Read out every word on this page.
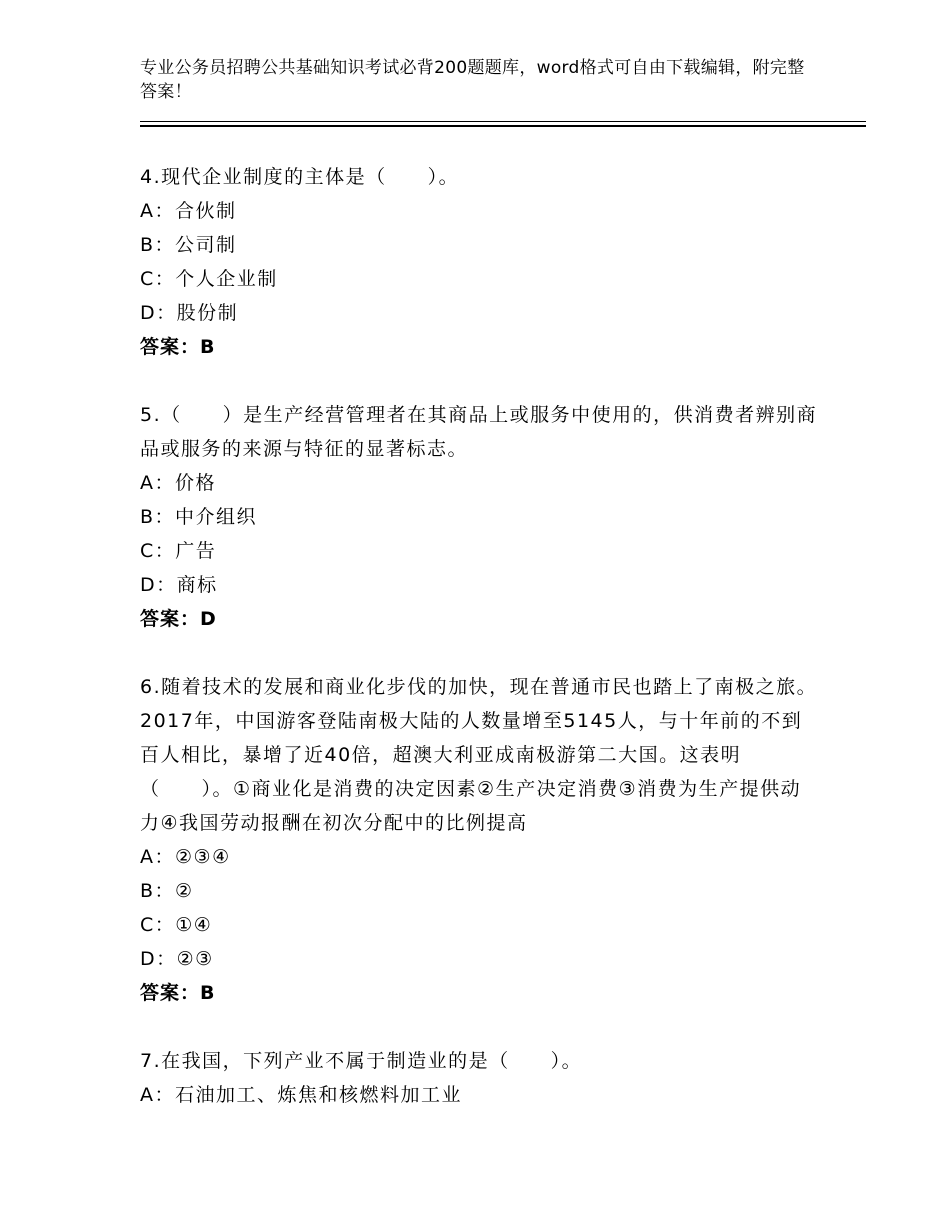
专业公务员招聘公共基础知识考试必背200题题库，word格式可自由下载编辑，附完整答案！

4.现代企业制度的主体是（　　）。

A：合伙制

B：公司制

C：个人企业制

D：股份制

答案：B

5.（　　）是生产经营管理者在其商品上或服务中使用的，供消费者辨别商品或服务的来源与特征的显著标志。

A：价格

B：中介组织

C：广告

D：商标

答案：D

6.随着技术的发展和商业化步伐的加快，现在普通市民也踏上了南极之旅。2017年，中国游客登陆南极大陆的人数量增至5145人，与十年前的不到百人相比，暴增了近40倍，超澳大利亚成南极游第二大国。这表明（　　）。①商业化是消费的决定因素②生产决定消费③消费为生产提供动力④我国劳动报酬在初次分配中的比例提高

A：②③④

B：②

C：①④

D：②③

答案：B

7.在我国，下列产业不属于制造业的是（　　）。

A：石油加工、炼焦和核燃料加工业
